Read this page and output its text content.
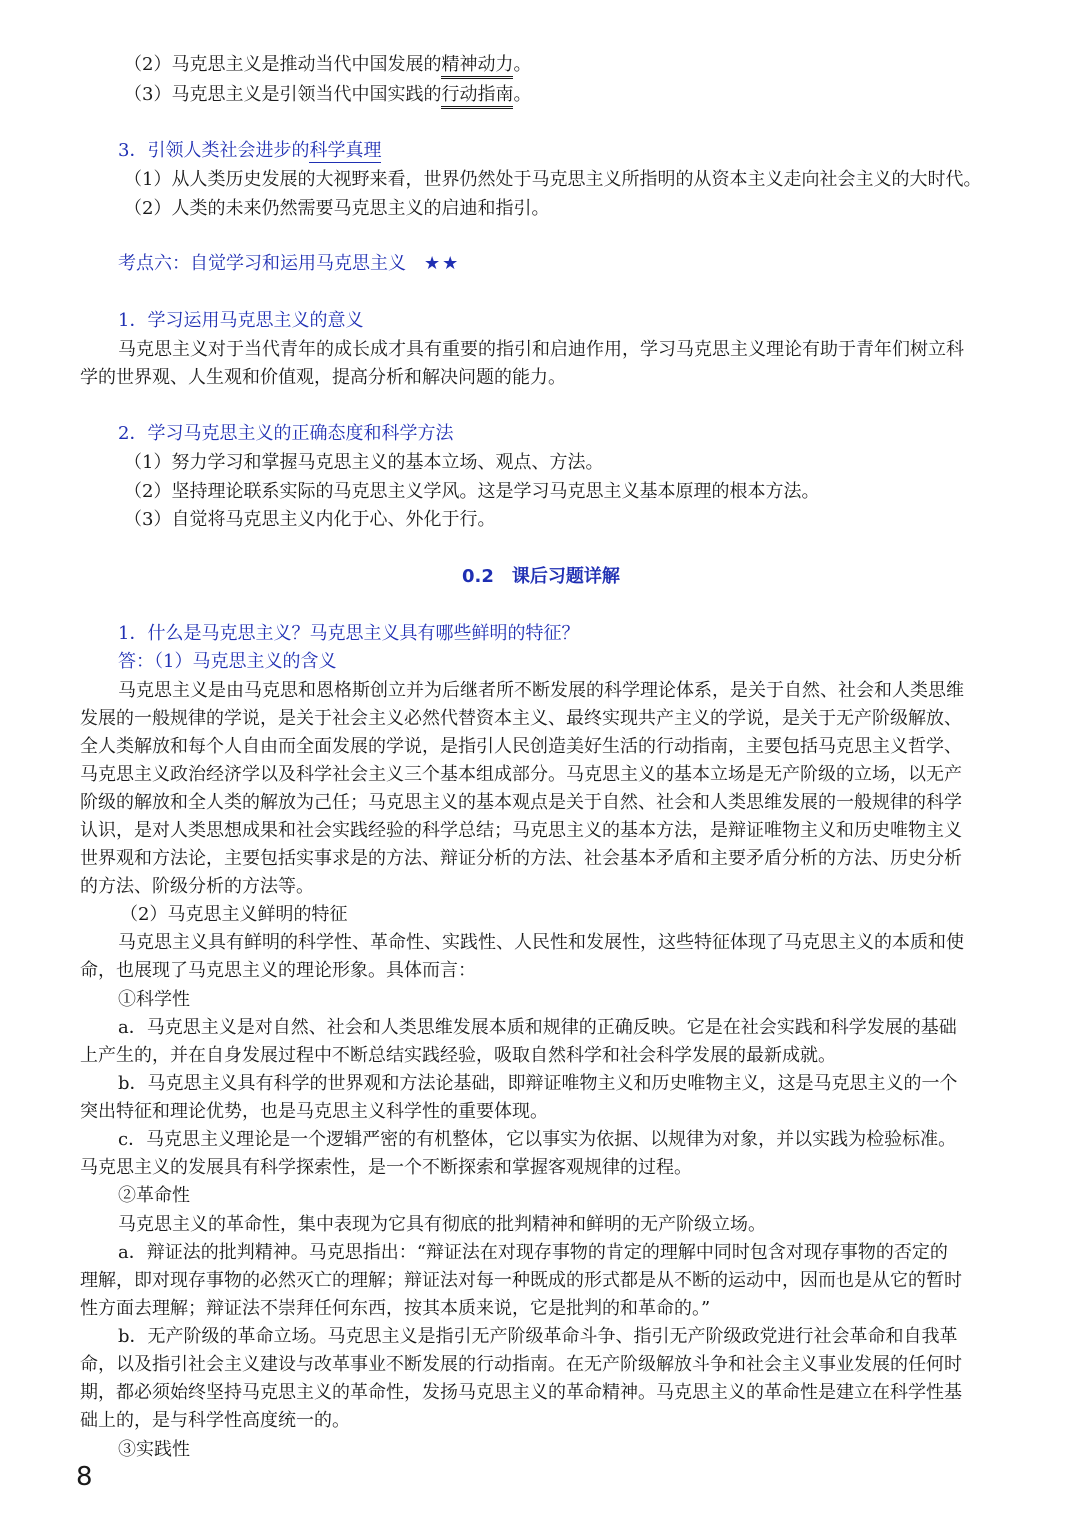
（2）马克思主义是推动当代中国发展的精神动力。
（3）马克思主义是引领当代中国实践的行动指南。
3．引领人类社会进步的科学真理
（1）从人类历史发展的大视野来看，世界仍然处于马克思主义所指明的从资本主义走向社会主义的大时代。
（2）人类的未来仍然需要马克思主义的启迪和指引。
考点六：自觉学习和运用马克思主义 ★★
1．学习运用马克思主义的意义
马克思主义对于当代青年的成长成才具有重要的指引和启迪作用，学习马克思主义理论有助于青年们树立科
学的世界观、人生观和价值观，提高分析和解决问题的能力。
2．学习马克思主义的正确态度和科学方法
（1）努力学习和掌握马克思主义的基本立场、观点、方法。
（2）坚持理论联系实际的马克思主义学风。这是学习马克思主义基本原理的根本方法。
（3）自觉将马克思主义内化于心、外化于行。
0.2　课后习题详解
1．什么是马克思主义？马克思主义具有哪些鲜明的特征？
答：（1）马克思主义的含义
马克思主义是由马克思和恩格斯创立并为后继者所不断发展的科学理论体系，是关于自然、社会和人类思维
发展的一般规律的学说，是关于社会主义必然代替资本主义、最终实现共产主义的学说，是关于无产阶级解放、
全人类解放和每个人自由而全面发展的学说，是指引人民创造美好生活的行动指南，主要包括马克思主义哲学、
马克思主义政治经济学以及科学社会主义三个基本组成部分。马克思主义的基本立场是无产阶级的立场，以无产
阶级的解放和全人类的解放为己任；马克思主义的基本观点是关于自然、社会和人类思维发展的一般规律的科学
认识，是对人类思想成果和社会实践经验的科学总结；马克思主义的基本方法，是辩证唯物主义和历史唯物主义
世界观和方法论，主要包括实事求是的方法、辩证分析的方法、社会基本矛盾和主要矛盾分析的方法、历史分析
的方法、阶级分析的方法等。
（2）马克思主义鲜明的特征
马克思主义具有鲜明的科学性、革命性、实践性、人民性和发展性，这些特征体现了马克思主义的本质和使
命，也展现了马克思主义的理论形象。具体而言：
①科学性
a．马克思主义是对自然、社会和人类思维发展本质和规律的正确反映。它是在社会实践和科学发展的基础
上产生的，并在自身发展过程中不断总结实践经验，吸取自然科学和社会科学发展的最新成就。
b．马克思主义具有科学的世界观和方法论基础，即辩证唯物主义和历史唯物主义，这是马克思主义的一个
突出特征和理论优势，也是马克思主义科学性的重要体现。
c．马克思主义理论是一个逻辑严密的有机整体，它以事实为依据、以规律为对象，并以实践为检验标准。
马克思主义的发展具有科学探索性，是一个不断探索和掌握客观规律的过程。
②革命性
马克思主义的革命性，集中表现为它具有彻底的批判精神和鲜明的无产阶级立场。
a．辩证法的批判精神。马克思指出：“辩证法在对现存事物的肯定的理解中同时包含对现存事物的否定的
理解，即对现存事物的必然灭亡的理解；辩证法对每一种既成的形式都是从不断的运动中，因而也是从它的暂时
性方面去理解；辩证法不崇拜任何东西，按其本质来说，它是批判的和革命的。”
b．无产阶级的革命立场。马克思主义是指引无产阶级革命斗争、指引无产阶级政党进行社会革命和自我革
命，以及指引社会主义建设与改革事业不断发展的行动指南。在无产阶级解放斗争和社会主义事业发展的任何时
期，都必须始终坚持马克思主义的革命性，发扬马克思主义的革命精神。马克思主义的革命性是建立在科学性基
础上的，是与科学性高度统一的。
③实践性
8
